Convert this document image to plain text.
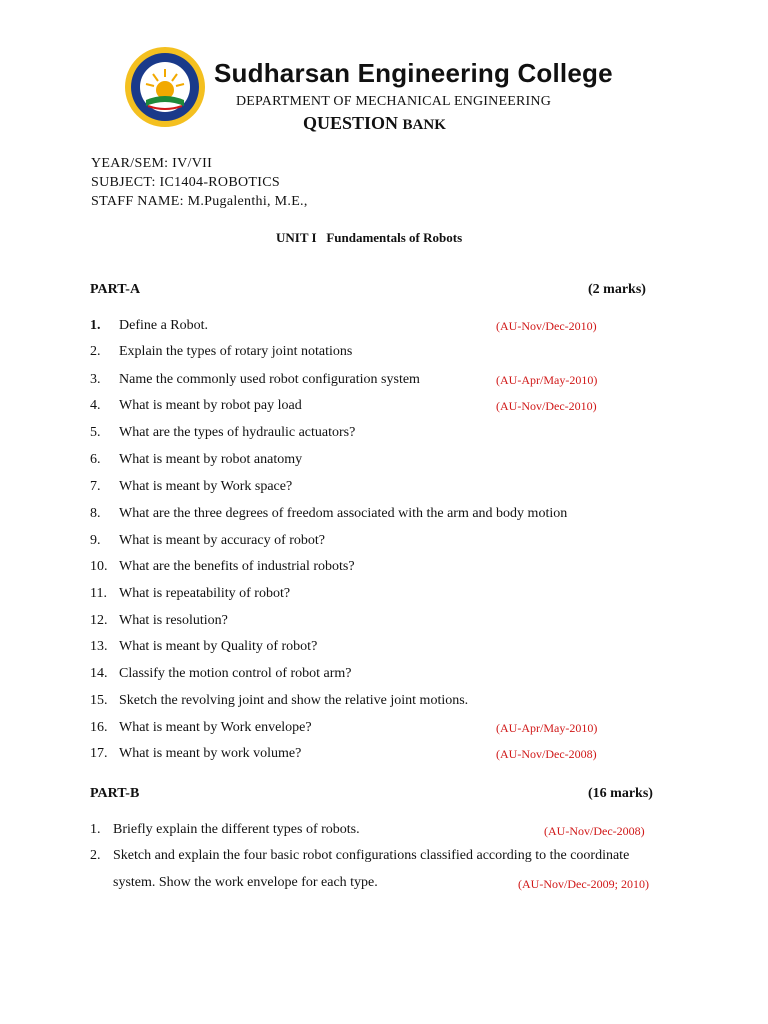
Sudharsan Engineering College
DEPARTMENT OF MECHANICAL ENGINEERING
QUESTION BANK
YEAR/SEM: IV/VII
SUBJECT: IC1404-ROBOTICS
STAFF NAME: M.Pugalenthi, M.E.,
UNIT I   Fundamentals of Robots
PART-A	(2 marks)
1. Define a Robot.	(AU-Nov/Dec-2010)
2. Explain the types of rotary joint notations
3. Name the commonly used robot configuration system	(AU-Apr/May-2010)
4. What is meant by robot pay load	(AU-Nov/Dec-2010)
5. What are the types of hydraulic actuators?
6. What is meant by robot anatomy
7. What is meant by Work space?
8. What are the three degrees of freedom associated with the arm and body motion
9. What is meant by accuracy of robot?
10. What are the benefits of industrial robots?
11. What is repeatability of robot?
12. What is resolution?
13. What is meant by Quality of robot?
14. Classify the motion control of robot arm?
15. Sketch the revolving joint and show the relative joint motions.
16. What is meant by Work envelope?	(AU-Apr/May-2010)
17. What is meant by work volume?	(AU-Nov/Dec-2008)
PART-B	(16 marks)
1. Briefly explain the different types of robots.	(AU-Nov/Dec-2008)
2. Sketch and explain the four basic robot configurations classified according to the coordinate
system. Show the work envelope for each type.	(AU-Nov/Dec-2009; 2010)
